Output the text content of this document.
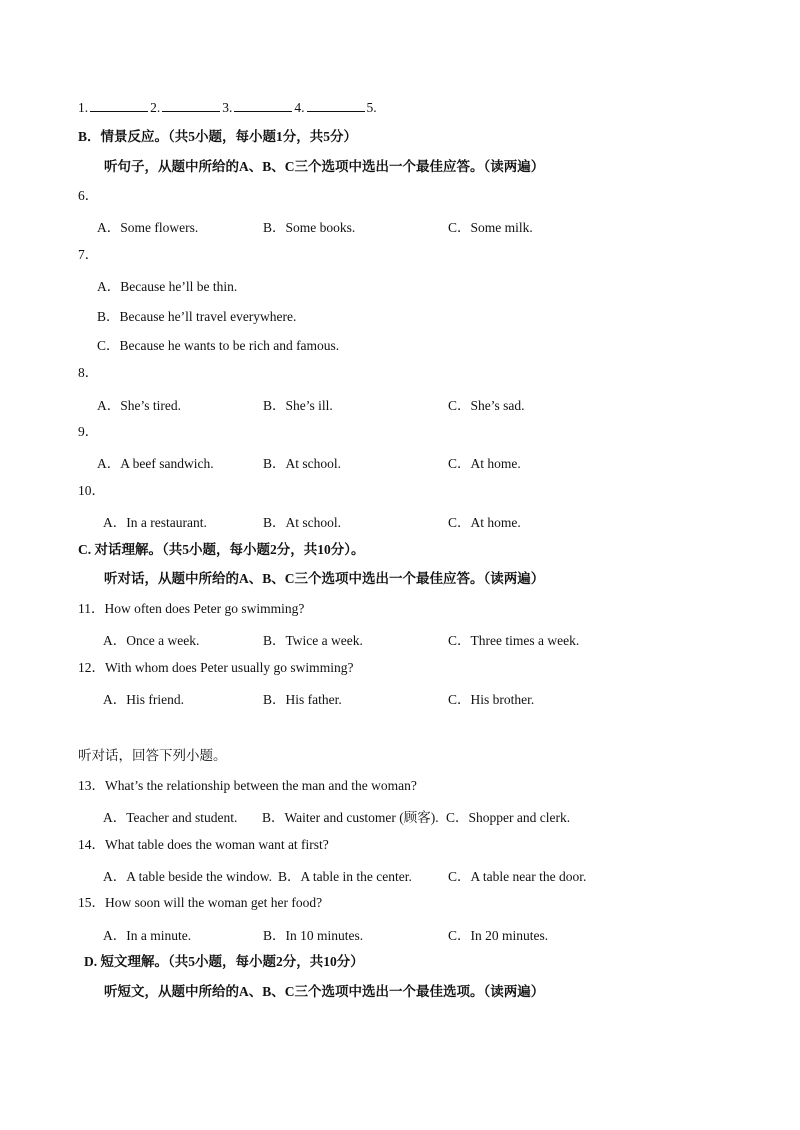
1.	2.	3.	4.	5.
B．情景反应。（共5小题，每小题1分，共5分）
听句子，从题中所给的A、B、C三个选项中选出一个最佳应答。（读两遍）
6．
A．Some flowers.	B．Some books.	C．Some milk.
7．
A．Because he’ll be thin.
B．Because he’ll travel everywhere.
C．Because he wants to be rich and famous.
8．
A．She’s tired.	B．She’s ill.	C．She’s sad.
9．
A．A beef sandwich.	B．At school.	C．At home.
10．
A．In a restaurant.	B．At school.	C．At home.
C. 对话理解。（共5小题，每小题2分，共10分）。
听对话，从题中所给的A、B、C三个选项中选出一个最佳应答。（读两遍）
11．How often does Peter go swimming?
A．Once a week.	B．Twice a week.	C．Three times a week.
12．With whom does Peter usually go swimming?
A．His friend.	B．His father.	C．His brother.
听对话，回答下列小题。
13．What’s the relationship between the man and the woman?
A．Teacher and student. B．Waiter and customer (顾客). C．Shopper and clerk.
14．What table does the woman want at first?
A．A table beside the window. B．A table in the center.	C．A table near the door.
15．How soon will the woman get her food?
A．In a minute.	B．In 10 minutes.	C．In 20 minutes.
D. 短文理解。（共5小题，每小题2分，共10分）
听短文，从题中所给的A、B、C三个选项中选出一个最佳选项。（读两遍）
